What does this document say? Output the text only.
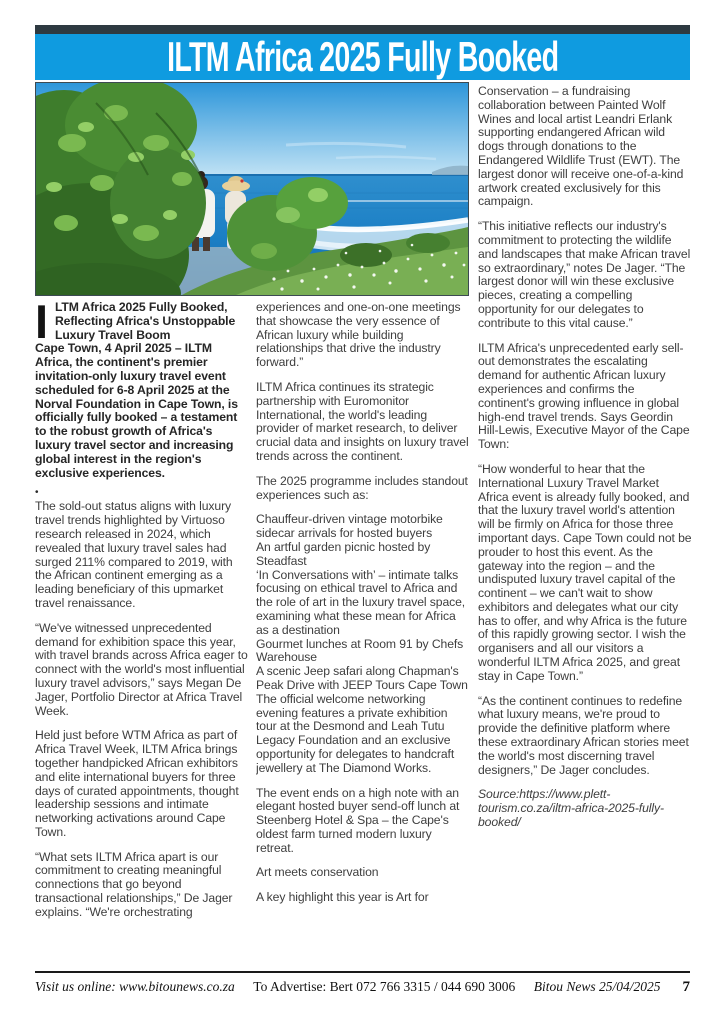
ILTM Africa 2025 Fully Booked

ILTM Africa 2025 Fully Booked, Reflecting Africa's Unstoppable Luxury Travel Boom

Cape Town, 4 April 2025 – ILTM Africa, the continent's premier invitation-only luxury travel event scheduled for 6-8 April 2025 at the Norval Foundation in Cape Town, is officially fully booked – a testament to the robust growth of Africa's luxury travel sector and increasing global interest in the region's exclusive experiences.

•

The sold-out status aligns with luxury travel trends highlighted by Virtuoso research released in 2024, which revealed that luxury travel sales had surged 211% compared to 2019, with the African continent emerging as a leading beneficiary of this upmarket travel renaissance.

“We've witnessed unprecedented demand for exhibition space this year, with travel brands across Africa eager to connect with the world's most influential luxury travel advisors,” says Megan De Jager, Portfolio Director at Africa Travel Week.

Held just before WTM Africa as part of Africa Travel Week, ILTM Africa brings together handpicked African exhibitors and elite international buyers for three days of curated appointments, thought leadership sessions and intimate networking activations around Cape Town.

“What sets ILTM Africa apart is our commitment to creating meaningful connections that go beyond transactional relationships,” De Jager explains. “We're orchestrating

experiences and one-on-one meetings that showcase the very essence of African luxury while building relationships that drive the industry forward.”

ILTM Africa continues its strategic partnership with Euromonitor International, the world's leading provider of market research, to deliver crucial data and insights on luxury travel trends across the continent.

The 2025 programme includes standout experiences such as:

Chauffeur-driven vintage motorbike sidecar arrivals for hosted buyers

An artful garden picnic hosted by Steadfast

‘In Conversations with’ – intimate talks focusing on ethical travel to Africa and the role of art in the luxury travel space, examining what these mean for Africa as a destination

Gourmet lunches at Room 91 by Chefs Warehouse

A scenic Jeep safari along Chapman's Peak Drive with JEEP Tours Cape Town

The official welcome networking evening features a private exhibition tour at the Desmond and Leah Tutu Legacy Foundation and an exclusive opportunity for delegates to handcraft jewellery at The Diamond Works.

The event ends on a high note with an elegant hosted buyer send-off lunch at Steenberg Hotel & Spa – the Cape's oldest farm turned modern luxury retreat.

Art meets conservation

A key highlight this year is Art for

Conservation – a fundraising collaboration between Painted Wolf Wines and local artist Leandri Erlank supporting endangered African wild dogs through donations to the Endangered Wildlife Trust (EWT). The largest donor will receive one-of-a-kind artwork created exclusively for this campaign.

“This initiative reflects our industry's commitment to protecting the wildlife and landscapes that make African travel so extraordinary,” notes De Jager. “The largest donor will win these exclusive pieces, creating a compelling opportunity for our delegates to contribute to this vital cause.”

ILTM Africa's unprecedented early sell-out demonstrates the escalating demand for authentic African luxury experiences and confirms the continent's growing influence in global high-end travel trends. Says Geordin Hill-Lewis, Executive Mayor of the Cape Town:

“How wonderful to hear that the International Luxury Travel Market Africa event is already fully booked, and that the luxury travel world's attention will be firmly on Africa for those three important days. Cape Town could not be prouder to host this event. As the gateway into the region – and the undisputed luxury travel capital of the continent – we can't wait to show exhibitors and delegates what our city has to offer, and why Africa is the future of this rapidly growing sector. I wish the organisers and all our visitors a wonderful ILTM Africa 2025, and great stay in Cape Town.”

“As the continent continues to redefine what luxury means, we're proud to provide the definitive platform where these extraordinary African stories meet the world's most discerning travel designers,” De Jager concludes.

Source:https://www.plett-tourism.co.za/iltm-africa-2025-fully-booked/

Visit us online: www.bitounews.co.za To Advertise: Bert 072 766 3315 / 044 690 3006 Bitou News 25/04/2025 7
